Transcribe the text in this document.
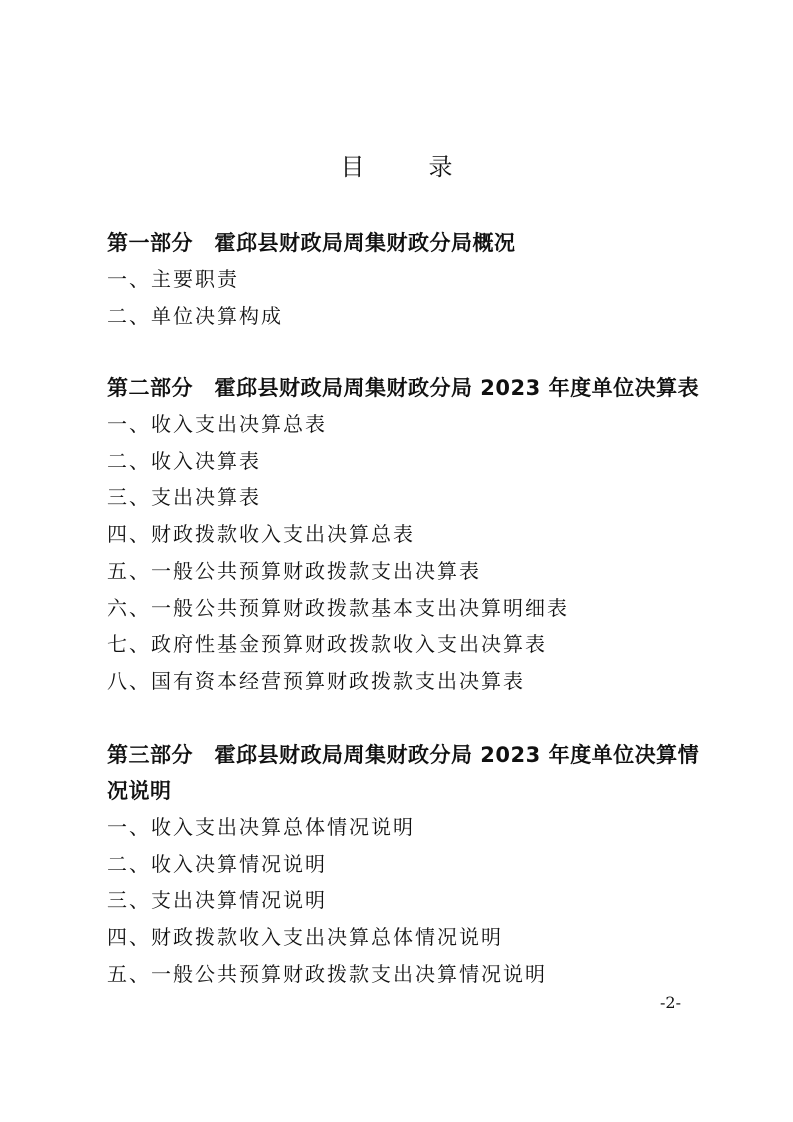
目　录

第一部分　霍邱县财政局周集财政分局概况

一、主要职责

二、单位决算构成

第二部分　霍邱县财政局周集财政分局 2023 年度单位决算表

一、收入支出决算总表

二、收入决算表

三、支出决算表

四、财政拨款收入支出决算总表

五、一般公共预算财政拨款支出决算表

六、一般公共预算财政拨款基本支出决算明细表

七、政府性基金预算财政拨款收入支出决算表

八、国有资本经营预算财政拨款支出决算表

第三部分　霍邱县财政局周集财政分局 2023 年度单位决算情况说明

一、收入支出决算总体情况说明

二、收入决算情况说明

三、支出决算情况说明

四、财政拨款收入支出决算总体情况说明

五、一般公共预算财政拨款支出决算情况说明

-2-
